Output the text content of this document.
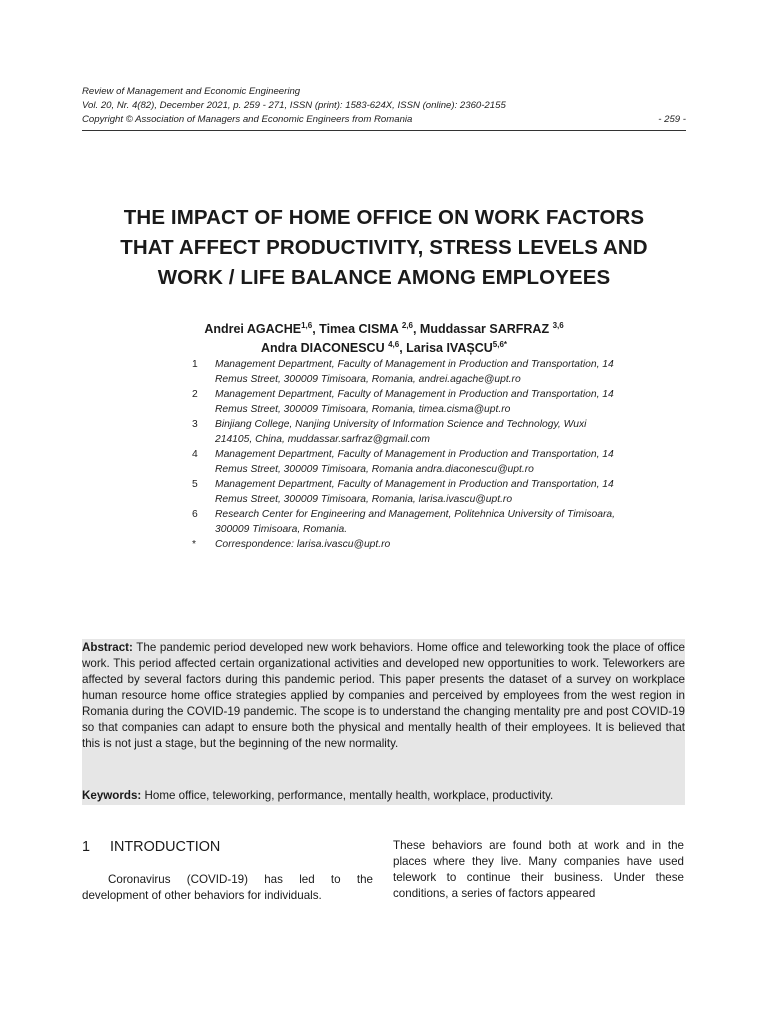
Review of Management and Economic Engineering
Vol. 20, Nr. 4(82), December 2021, p. 259 - 271, ISSN (print): 1583-624X, ISSN (online): 2360-2155
Copyright © Association of Managers and Economic Engineers from Romania	- 259 -
THE IMPACT OF HOME OFFICE ON WORK FACTORS
THAT AFFECT PRODUCTIVITY, STRESS LEVELS AND
WORK / LIFE BALANCE AMONG EMPLOYEES
Andrei AGACHE$^{1,6}$, Timea CISMA $^{2,6}$, Muddassar SARFRAZ $^{3,6}$
Andra DIACONESCU $^{4,6}$, Larisa $IVAȘCU^{5,6*}$
1 Management Department, Faculty of Management in Production and Transportation, 14 Remus Street, 300009 Timisoara, Romania, andrei.agache@upt.ro
2 Management Department, Faculty of Management in Production and Transportation, 14 Remus Street, 300009 Timisoara, Romania, timea.cisma@upt.ro
3 Binjiang College, Nanjing University of Information Science and Technology, Wuxi 214105, China, muddassar.sarfraz@gmail.com
4 Management Department, Faculty of Management in Production and Transportation, 14 Remus Street, 300009 Timisoara, Romania andra.diaconescu@upt.ro
5 Management Department, Faculty of Management in Production and Transportation, 14 Remus Street, 300009 Timisoara, Romania, larisa.ivascu@upt.ro
6 Research Center for Engineering and Management, Politehnica University of Timisoara, 300009 Timisoara, Romania.
* Correspondence: larisa.ivascu@upt.ro
Abstract: The pandemic period developed new work behaviors. Home office and teleworking took the place of office work. This period affected certain organizational activities and developed new opportunities to work. Teleworkers are affected by several factors during this pandemic period. This paper presents the dataset of a survey on workplace human resource home office strategies applied by companies and perceived by employees from the west region in Romania during the COVID-19 pandemic. The scope is to understand the changing mentality pre and post COVID-19 so that companies can adapt to ensure both the physical and mentally health of their employees. It is believed that this is not just a stage, but the beginning of the new normality.
Keywords: Home office, teleworking, performance, mentally health, workplace, productivity.
1 INTRODUCTION
Coronavirus (COVID-19) has led to the development of other behaviors for individuals.
These behaviors are found both at work and in the places where they live. Many companies have used telework to continue their business. Under these conditions, a series of factors appeared
